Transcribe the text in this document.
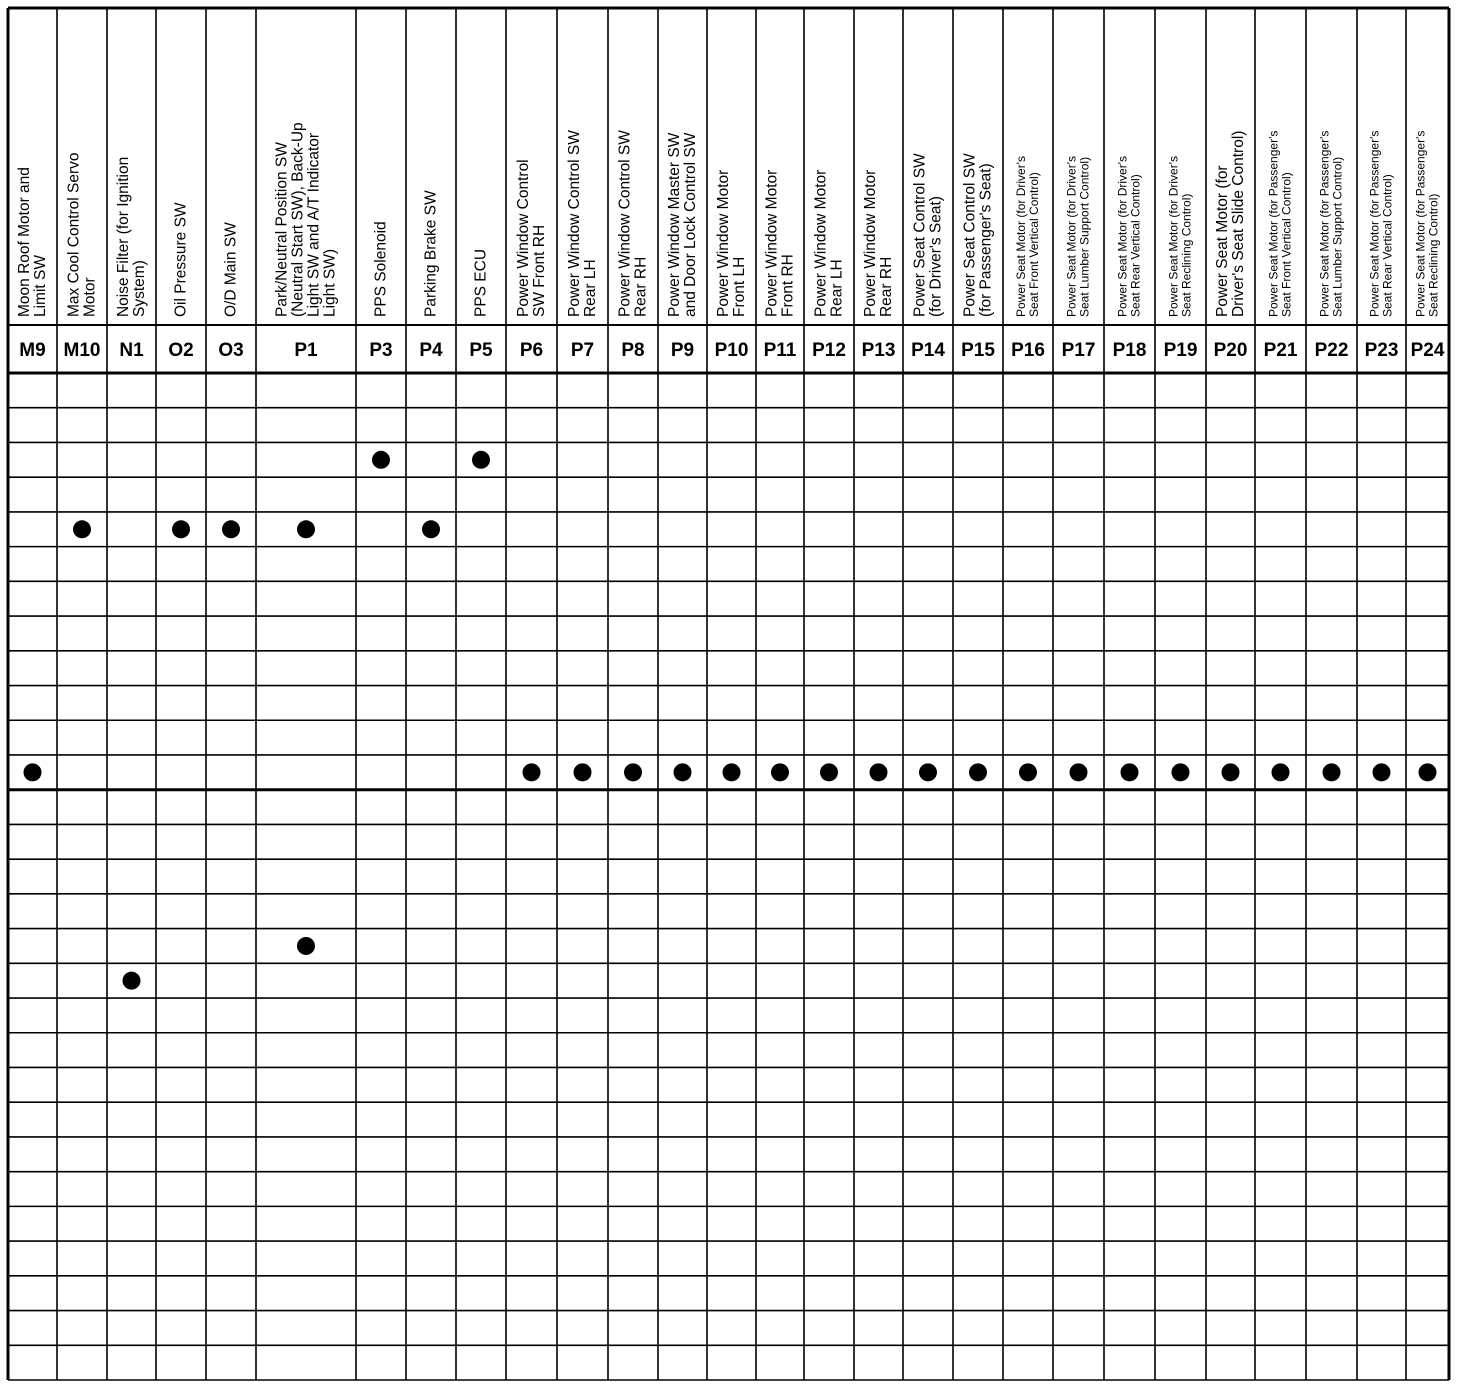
Moon Roof Motor and Limit SW
M9
Max Cool Control Servo Motor
M10
Noise Filter (for Ignition
System)
N1
Oil Pressure SW
O2
O/D Main SW
O3
Park/Neutral Position SW (Neutral Start SW), Back-Up Light SW and A/T Indicator Light SW)
P1
PPS Solenoid
P3
Parking Brake SW
P4
PPS ECU
P5
Power Window Control SW Front RH
P6
Power Window Control SW Rear LH
P7
Power Window Control SW Rear RH
P8
Power Window Master SW and Door Lock Control SW
P9
Power Window Motor Front LH
P10
Power Window Motor Front RH
P11
Power Window Motor Rear LH
P12
Power Window Motor Rear RH
P13
Power Seat Control SW (for Driver's Seat)
P14
Power Seat Control SW (for Passenger's Seat)
P15
Power Seat Motor (for Driver's Seat Front Vertical Control)
P16
Power Seat Motor (for Driver's Seat Lumber Support Control)
P17
Power Seat Motor (for Driver's Seat Rear Vertical Control)
P18
Power Seat Motor (for Driver's Seat Reclining Control)
P19
Power Seat Motor (for Driver's Seat Slide Control)
P20
Power Seat Motor (for Passenger's Seat Front Vertical Control)
P21
Power Seat Motor (for Passenger's Seat Lumber Support Control)
P22
Power Seat Motor (for Passenger's Seat Rear Vertical Control)
P23
Power Seat Motor (for Passenger's Seat Reclining Control)
P24
